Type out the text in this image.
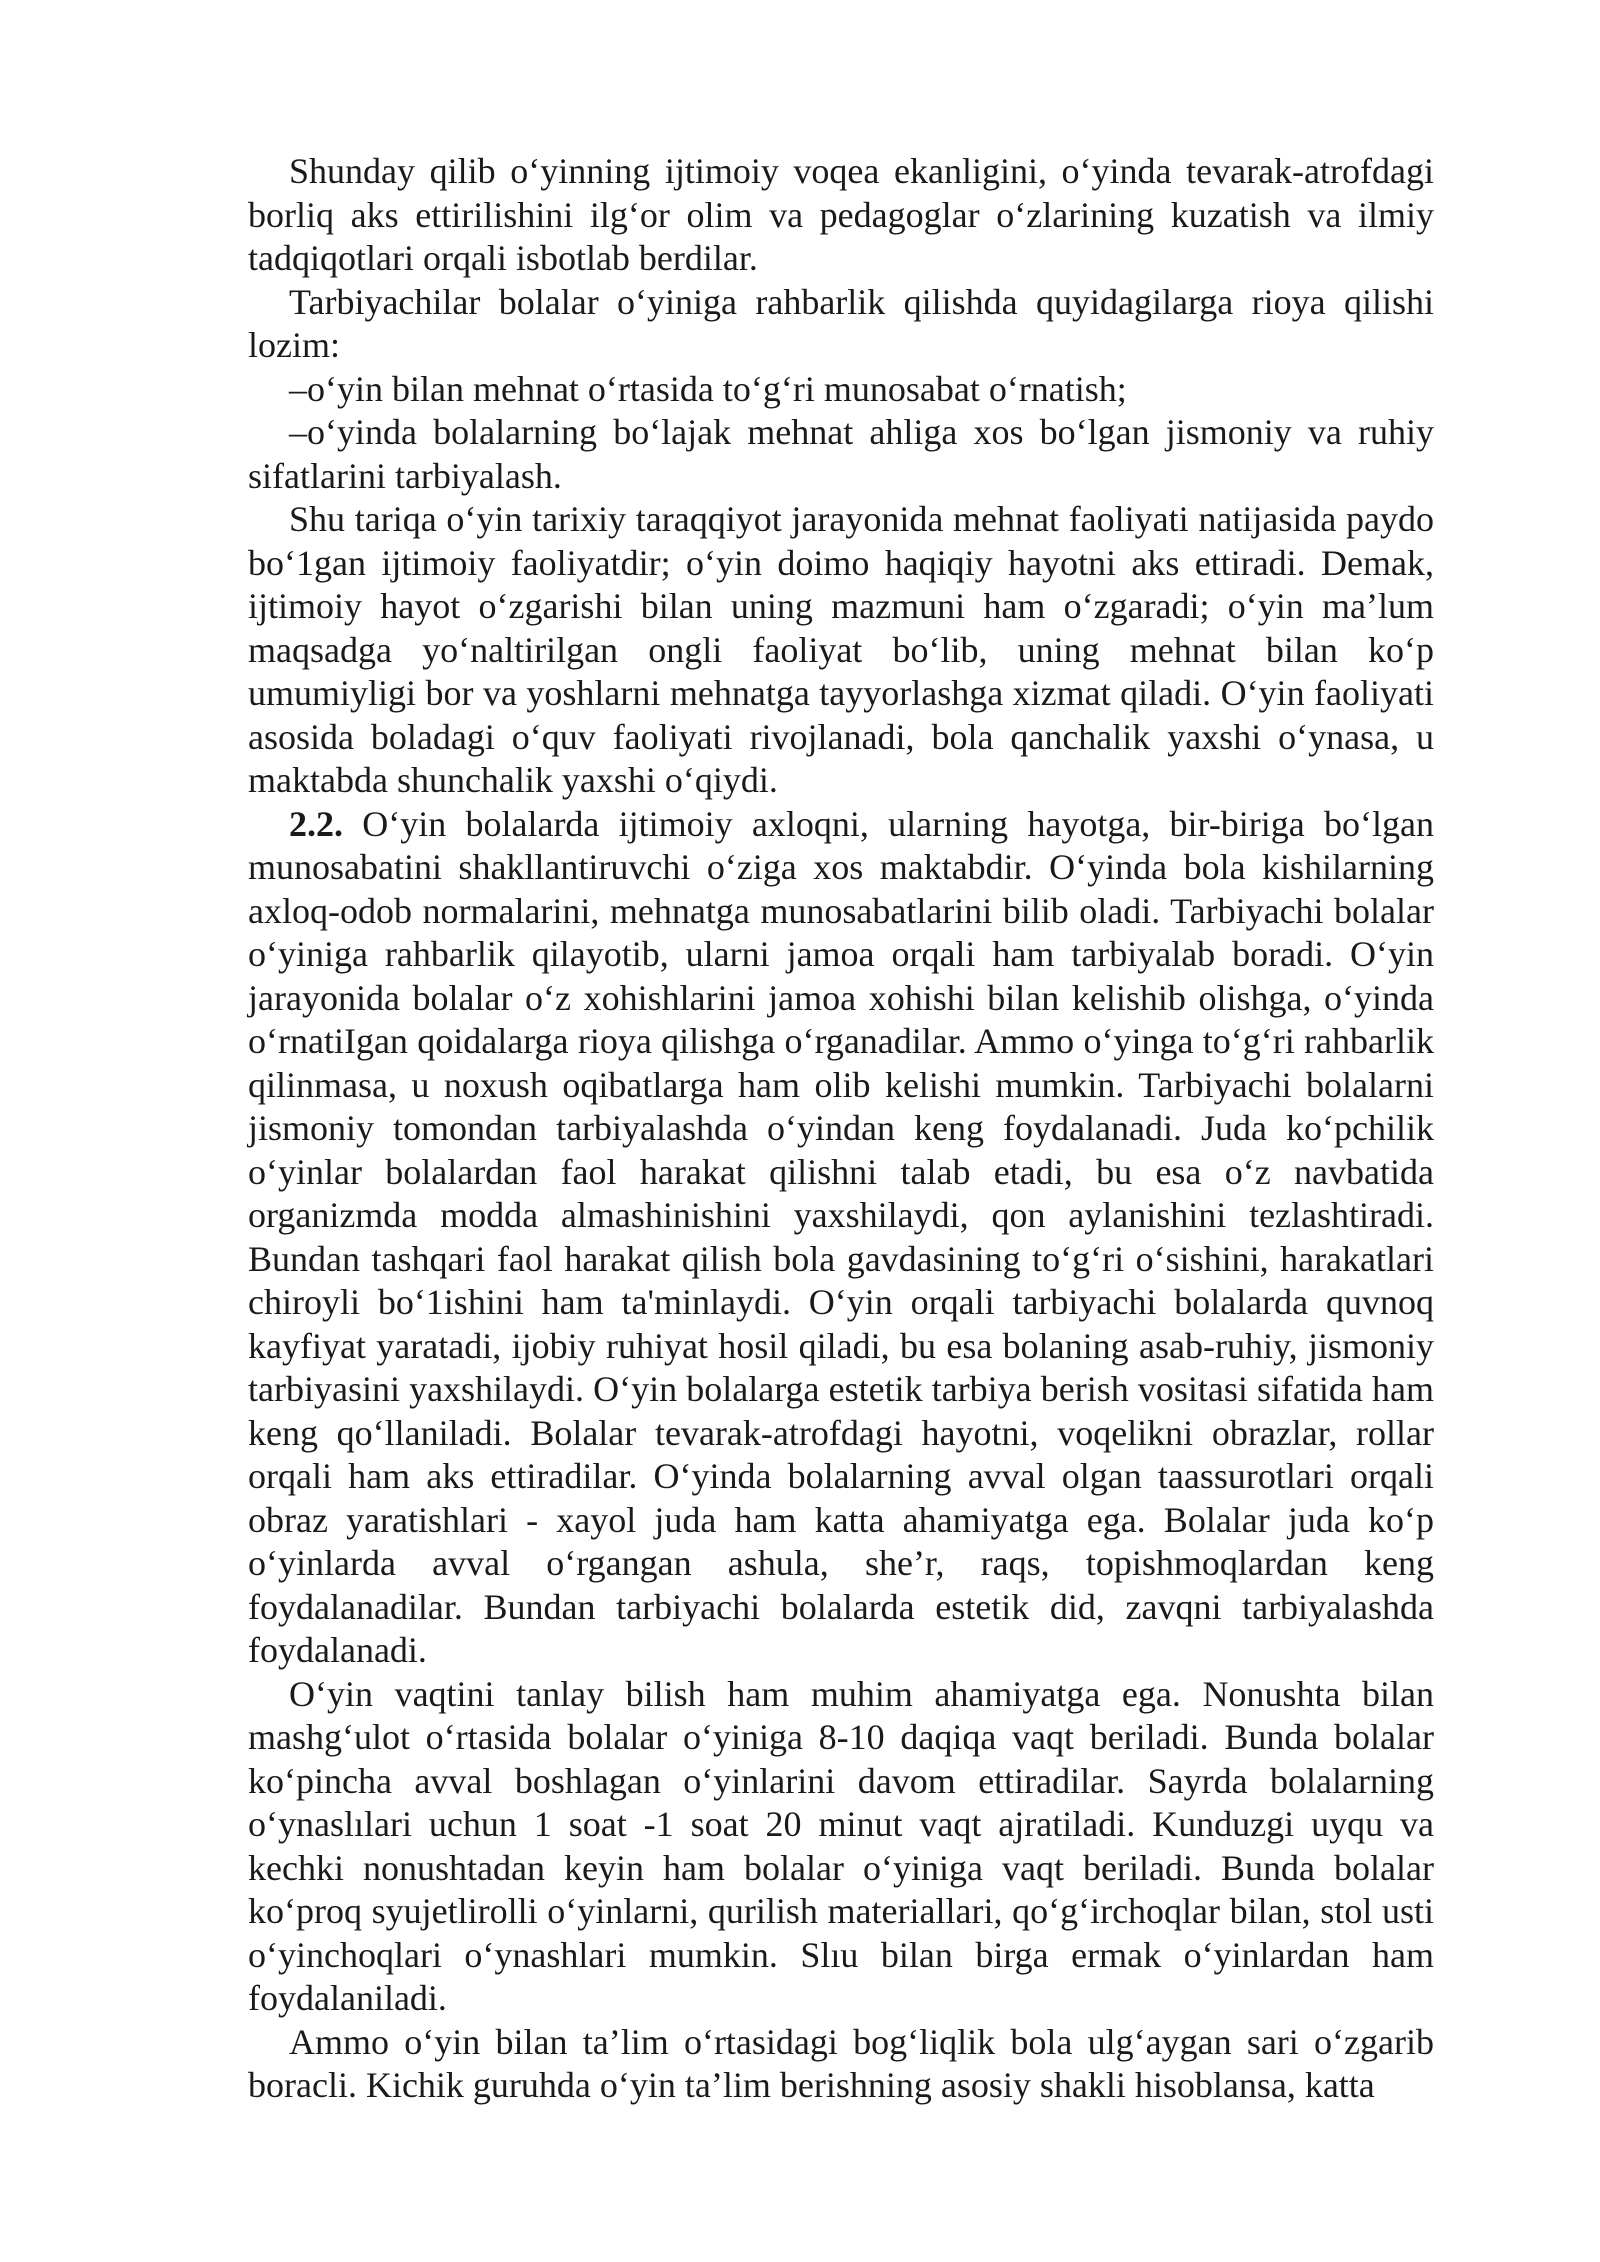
Shunday qilib o‘yinning ijtimoiy voqea ekanligini, o‘yinda tevarak-atrofdagi borliq aks ettirilishini ilg‘or olim va pedagoglar o‘zlarining kuzatish va ilmiy tadqiqotlari orqali isbotlab berdilar.

Tarbiyachilar bolalar o‘yiniga rahbarlik qilishda quyidagilarga rioya qilishi lozim:

–o‘yin bilan mehnat o‘rtasida to‘g‘ri munosabat o‘rnatish;

–o‘yinda bolalarning bo‘lajak mehnat ahliga xos bo‘lgan jismoniy va ruhiy sifatlarini tarbiyalash.

Shu tariqa o‘yin tarixiy taraqqiyot jarayonida mehnat faoliyati natijasida paydo bo‘1gan ijtimoiy faoliyatdir; o‘yin doimo haqiqiy hayotni aks ettiradi. Demak, ijtimoiy hayot o‘zgarishi bilan uning mazmuni ham o‘zgaradi; o‘yin ma’lum maqsadga yo‘naltirilgan ongli faoliyat bo‘lib, uning mehnat bilan ko‘p umumiyligi bor va yoshlarni mehnatga tayyorlashga xizmat qiladi. O‘yin faoliyati asosida boladagi o‘quv faoliyati rivojlanadi, bola qanchalik yaxshi o‘ynasa, u maktabda shunchalik yaxshi o‘qiydi.

2.2. O‘yin bolalarda ijtimoiy axloqni, ularning hayotga, bir-biriga bo‘lgan munosabatini shakllantiruvchi o‘ziga xos maktabdir. O‘yinda bola kishilarning axloq-odob normalarini, mehnatga munosabatlarini bilib oladi. Tarbiyachi bolalar o‘yiniga rahbarlik qilayotib, ularni jamoa orqali ham tarbiyalab boradi. O‘yin jarayonida bolalar o‘z xohishlarini jamoa xohishi bilan kelishib olishga, o‘yinda o‘rnatiIgan qoidalarga rioya qilishga o‘rganadilar. Ammo o‘yinga to‘g‘ri rahbarlik qilinmasa, u noxush oqibatlarga ham olib kelishi mumkin. Tarbiyachi bolalarni jismoniy tomondan tarbiyalashda o‘yindan keng foydalanadi. Juda ko‘pchilik o‘yinlar bolalardan faol harakat qilishni talab etadi, bu esa o‘z navbatida organizmda modda almashinishini yaxshilaydi, qon aylanishini tezlashtiradi. Bundan tashqari faol harakat qilish bola gavdasining to‘g‘ri o‘sishini, harakatlari chiroyli bo‘1ishini ham ta'minlaydi. O‘yin orqali tarbiyachi bolalarda quvnoq kayfiyat yaratadi, ijobiy ruhiyat hosil qiladi, bu esa bolaning asab-ruhiy, jismoniy tarbiyasini yaxshilaydi. O‘yin bolalarga estetik tarbiya berish vositasi sifatida ham keng qo‘llaniladi. Bolalar tevarak-atrofdagi hayotni, voqelikni obrazlar, rollar orqali ham aks ettiradilar. O‘yinda bolalarning avval olgan taassurotlari orqali obraz yaratishlari - xayol juda ham katta ahamiyatga ega. Bolalar juda ko‘p o‘yinlarda avval o‘rgangan ashula, she’r, raqs, topishmoqlardan keng foydalanadilar. Bundan tarbiyachi bolalarda estetik did, zavqni tarbiyalashda foydalanadi.

O‘yin vaqtini tanlay bilish ham muhim ahamiyatga ega. Nonushta bilan mashg‘ulot o‘rtasida bolalar o‘yiniga 8-10 daqiqa vaqt beriladi. Bunda bolalar ko‘pincha avval boshlagan o‘yinlarini davom ettiradilar. Sayrda bolalarning o‘ynaslılari uchun 1 soat -1 soat 20 minut vaqt ajratiladi. Kunduzgi uyqu va kechki nonushtadan keyin ham bolalar o‘yiniga vaqt beriladi. Bunda bolalar ko‘proq syujetlirolli o‘yinlarni, qurilish materiallari, qo‘g‘irchoqlar bilan, stol usti o‘yinchoqlari o‘ynashlari mumkin. Slıu bilan birga ermak o‘yinlardan ham foydalaniladi.

Ammo o‘yin bilan ta’lim o‘rtasidagi bog‘liqlik bola ulg‘aygan sari o‘zgarib boracli. Kichik guruhda o‘yin ta’lim berishning asosiy shakli hisoblansa, katta
